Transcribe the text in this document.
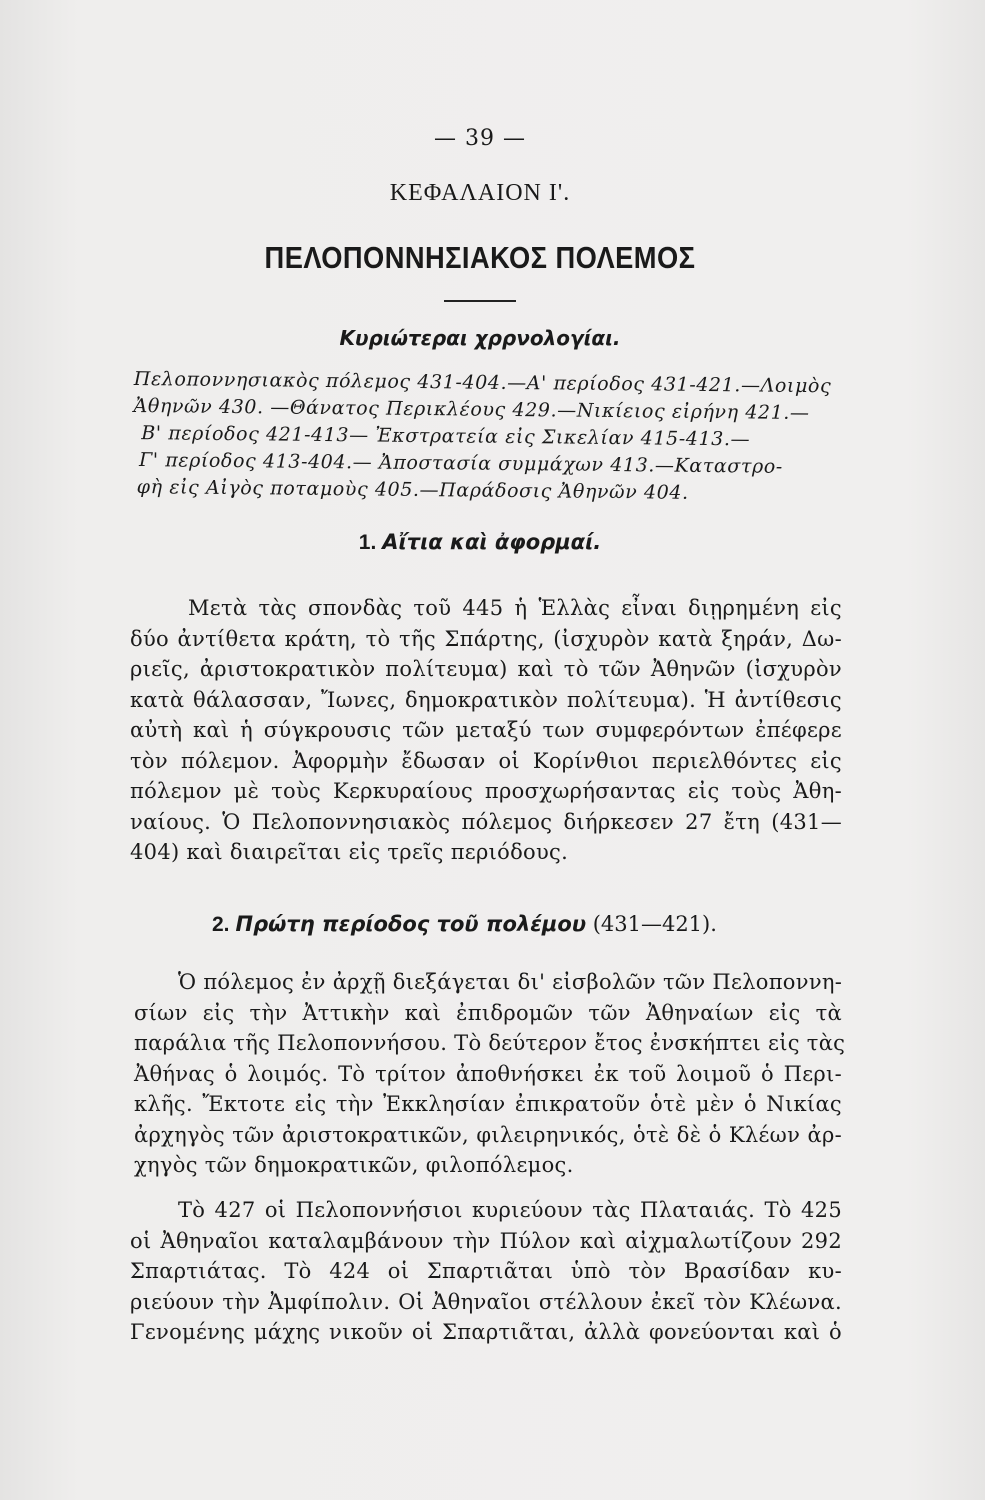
— 39 —
ΚΕΦΑΛΑΙΟΝ Ι'.
ΠΕΛΟΠΟΝΝΗΣΙΑΚΟΣ ΠΟΛΕΜΟΣ
Κυριώτεραι χρρνολογίαι.
Πελοποννησιακὸς πόλεμος 431-404.—Α' περίοδος 431-421.—Λοιμὸς
Ἀθηνῶν 430. —Θάνατος Περικλέους 429.—Νικίειος εἰρήνη 421.—
Β' περίοδος 421-413— Ἐκστρατεία εἰς Σικελίαν 415-413.—
Γ' περίοδος 413-404.— Ἀποστασία συμμάχων 413.—Καταστρο-
φὴ εἰς Αἰγὸς ποταμοὺς 405.—Παράδοσις Ἀθηνῶν 404.
1. Αἴτια καὶ ἀφορμαί.
Μετὰ τὰς σπονδὰς τοῦ 445 ἡ Ἑλλὰς εἶναι διῃρημένη εἰς
δύο ἀντίθετα κράτη, τὸ τῆς Σπάρτης, (ἰσχυρὸν κατὰ ξηράν, Δω-
ριεῖς, ἀριστοκρατικὸν πολίτευμα) καὶ τὸ τῶν Ἀθηνῶν (ἰσχυρὸν
κατὰ θάλασσαν, Ἴωνες, δημοκρατικὸν πολίτευμα). Ἡ ἀντίθεσις
αὐτὴ καὶ ἡ σύγκρουσις τῶν μεταξύ των συμφερόντων ἐπέφερε
τὸν πόλεμον. Ἀφορμὴν ἔδωσαν οἱ Κορίνθιοι περιελθόντες εἰς
πόλεμον μὲ τοὺς Κερκυραίους προσχωρήσαντας εἰς τοὺς Ἀθη-
ναίους. Ὁ Πελοποννησιακὸς πόλεμος διήρκεσεν 27 ἔτη (431—
404) καὶ διαιρεῖται εἰς τρεῖς περιόδους.
2. Πρώτη περίοδος τοῦ πολέμου (431—421).
Ὁ πόλεμος ἐν ἀρχῇ διεξάγεται δι' εἰσβολῶν τῶν Πελοποννη-
σίων εἰς τὴν Ἀττικὴν καὶ ἐπιδρομῶν τῶν Ἀθηναίων εἰς τὰ
παράλια τῆς Πελοποννήσου. Τὸ δεύτερον ἔτος ἐνσκήπτει εἰς τὰς
Ἀθήνας ὁ λοιμός. Τὸ τρίτον ἀποθνήσκει ἐκ τοῦ λοιμοῦ ὁ Περι-
κλῆς. Ἔκτοτε εἰς τὴν Ἐκκλησίαν ἐπικρατοῦν ὁτὲ μὲν ὁ Νικίας
ἀρχηγὸς τῶν ἀριστοκρατικῶν, φιλειρηνικός, ὁτὲ δὲ ὁ Κλέων ἀρ-
χηγὸς τῶν δημοκρατικῶν, φιλοπόλεμος.
Τὸ 427 οἱ Πελοποννήσιοι κυριεύουν τὰς Πλαταιάς. Τὸ 425
οἱ Ἀθηναῖοι καταλαμβάνουν τὴν Πύλον καὶ αἰχμαλωτίζουν 292
Σπαρτιάτας. Τὸ 424 οἱ Σπαρτιᾶται ὑπὸ τὸν Βρασίδαν κυ-
ριεύουν τὴν Ἀμφίπολιν. Οἱ Ἀθηναῖοι στέλλουν ἐκεῖ τὸν Κλέωνα.
Γενομένης μάχης νικοῦν οἱ Σπαρτιᾶται, ἀλλὰ φονεύονται καὶ ὁ
